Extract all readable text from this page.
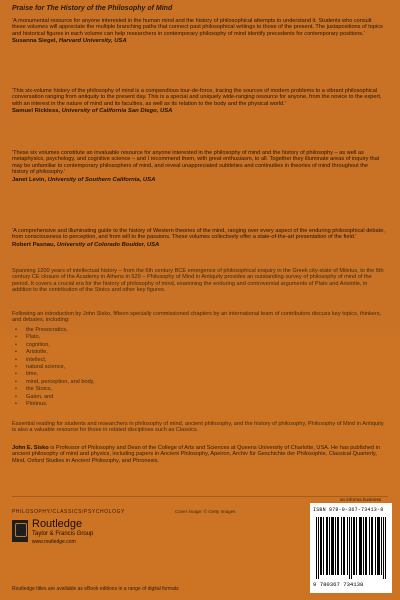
Praise for The History of the Philosophy of Mind
'A monumental resource for anyone interested in the human mind and the history of philosophical attempts to understand it. Students who consult these volumes will appreciate the multiple branching paths that connect past philosophical writings to those of the present. The juxtapositions of topics and historical figures in each volume can help researchers in contemporary philosophy of mind identify precedents for contemporary positions.'
Susanna Siegel, Harvard University, USA
'This six-volume history of the philosophy of mind is a compendious tour-de-force, tracing the sources of modern problems to a vibrant philosophical conversation ranging from antiquity to the present day. This is a special and uniquely wide-ranging resource for anyone, from the novice to the expert, with an interest in the nature of mind and its faculties, as well as its relation to the body and the physical world.'
Samuel Rickless, University of California San Diego, USA
'These six volumes constitute an invaluable resource for anyone interested in the philosophy of mind and the history of philosophy – as well as metaphysics, psychology, and cognitive science – and I recommend them, with great enthusiasm, to all. Together they illuminate areas of inquiry that may be unfamiliar to contemporary philosophers of mind, and reveal unappreciated subtleties and continuities in theories of mind throughout the history of philosophy.'
Janet Levin, University of Southern California, USA
'A comprehensive and illuminating guide to the history of Western theories of the mind, ranging over every aspect of the enduring philosophical debate, from consciousness to perception, and from will to the passions. These volumes collectively offer a state-of-the-art presentation of the field.'
Robert Pasnau, University of Colorado Boulder, USA
Spanning 1200 years of intellectual history – from the 6th century BCE emergence of philosophical enquiry in the Greek city-state of Miletus, to the 6th century CE closure of the Academy in Athens in 529 – Philosophy of Mind in Antiquity provides an outstanding survey of philosophy of mind of the period. It covers a crucial era for the history of philosophy of mind, examining the enduring and controversial arguments of Plato and Aristotle, in addition to the contribution of the Stoics and other key figures.
Following an introduction by John Sisko, fifteen specially commissioned chapters by an international team of contributors discuss key topics, thinkers, and debates, including:
• the Presocratics,
• Plato,
• cognition,
• Aristotle,
• intellect,
• natural science,
• time,
• mind, perception, and body,
• the Stoics,
• Galen, and
• Plotinus.
Essential reading for students and researchers in philosophy of mind, ancient philosophy, and the history of philosophy, Philosophy of Mind in Antiquity is also a valuable resource for those in related disciplines such as Classics.
John E. Sisko is Professor of Philosophy and Dean of the College of Arts and Sciences at Queens University of Charlotte, USA. He has published in ancient philosophy of mind and physics, including papers in Ancient Philosophy, Apeiron, Archiv für Geschichte der Philosophie, Classical Quarterly, Mind, Oxford Studies in Ancient Philosophy, and Phronesis.
PHILOSOPHY/CLASSICS/PSYCHOLOGY	Cover image: © Getty Images
an informa business
Routledge
Taylor & Francis Group
www.routledge.com
Routledge titles are available as eBook editions in a range of digital formats
ISBN 978-0-367-73413-8
9 780367 734138
